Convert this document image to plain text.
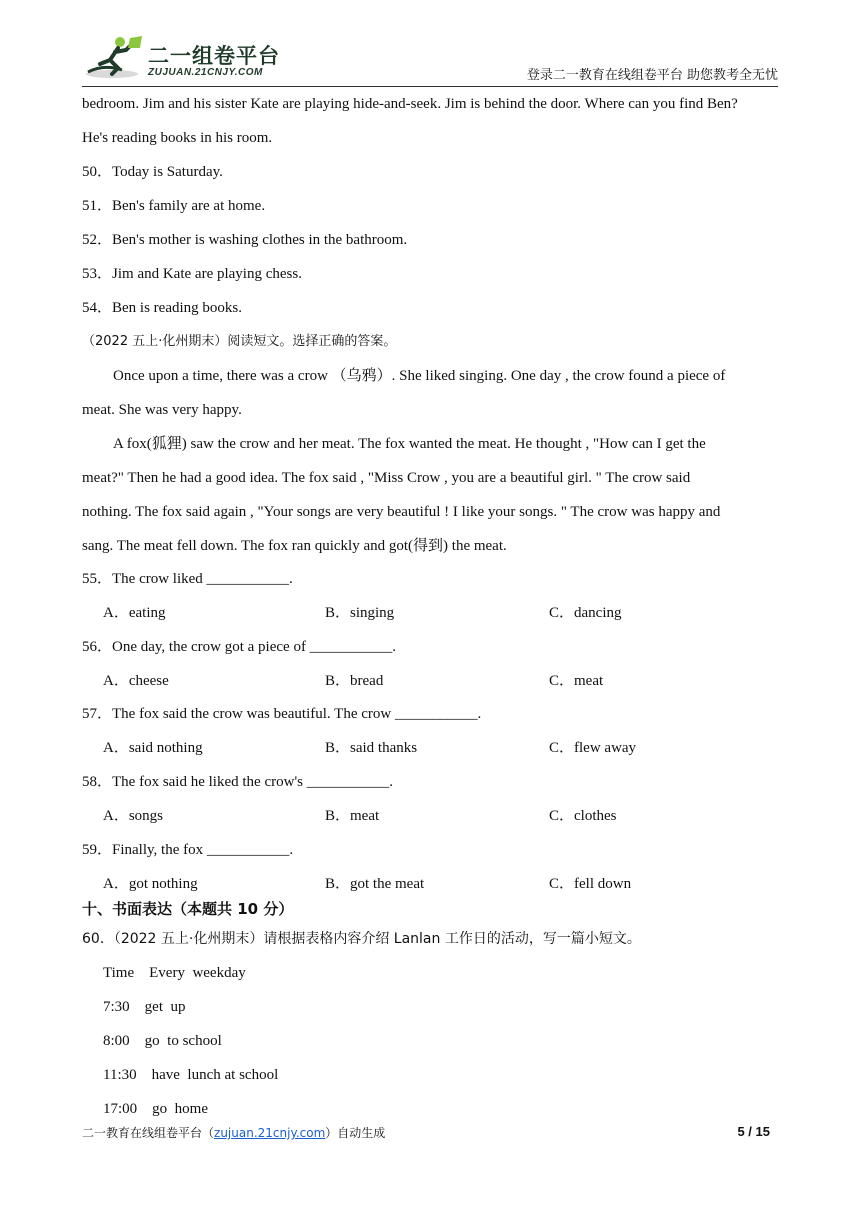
二一组卷平台
ZUJUAN.21CNJY.COM	登录二一教育在线组卷平台 助您教考全无忧
bedroom. Jim and his sister Kate are playing hide-and-seek. Jim is behind the door. Where can you find Ben?
He's reading books in his room.
50．Today is Saturday.
51．Ben's family are at home.
52．Ben's mother is washing clothes in the bathroom.
53．Jim and Kate are playing chess.
54．Ben is reading books.
（2022 五上·化州期末）阅读短文。选择正确的答案。
Once upon a time, there was a crow （乌鸦）. She liked singing. One day , the crow found a piece of
meat. She was very happy.
A fox(狐狸) saw the crow and her meat. The fox wanted the meat. He thought , "How can I get the
meat?" Then he had a good idea. The fox said , "Miss Crow , you are a beautiful girl. " The crow said
nothing. The fox said again , "Your songs are very beautiful ! I like your songs. " The crow was happy and
sang. The meat fell down. The fox ran quickly and got(得到) the meat.
55．The crow liked ___________.
A．eating	B．singing	C．dancing
56．One day, the crow got a piece of ___________.
A．cheese	B．bread	C．meat
57．The fox said the crow was beautiful. The crow ___________.
A．said nothing	B．said thanks	C．flew away
58．The fox said he liked the crow's ___________.
A．songs	B．meat	C．clothes
59．Finally, the fox ___________.
A．got nothing	B．got the meat	C．fell down
十、书面表达（本题共 10 分）
60．（2022 五上·化州期末）请根据表格内容介绍 Lanlan 工作日的活动，写一篇小短文。
Time    Every  weekday
7:30    get  up
8:00    go  to school
11:30    have  lunch at school
17:00    go  home
二一教育在线组卷平台（zujuan.21cnjy.com）自动生成	5 / 15
